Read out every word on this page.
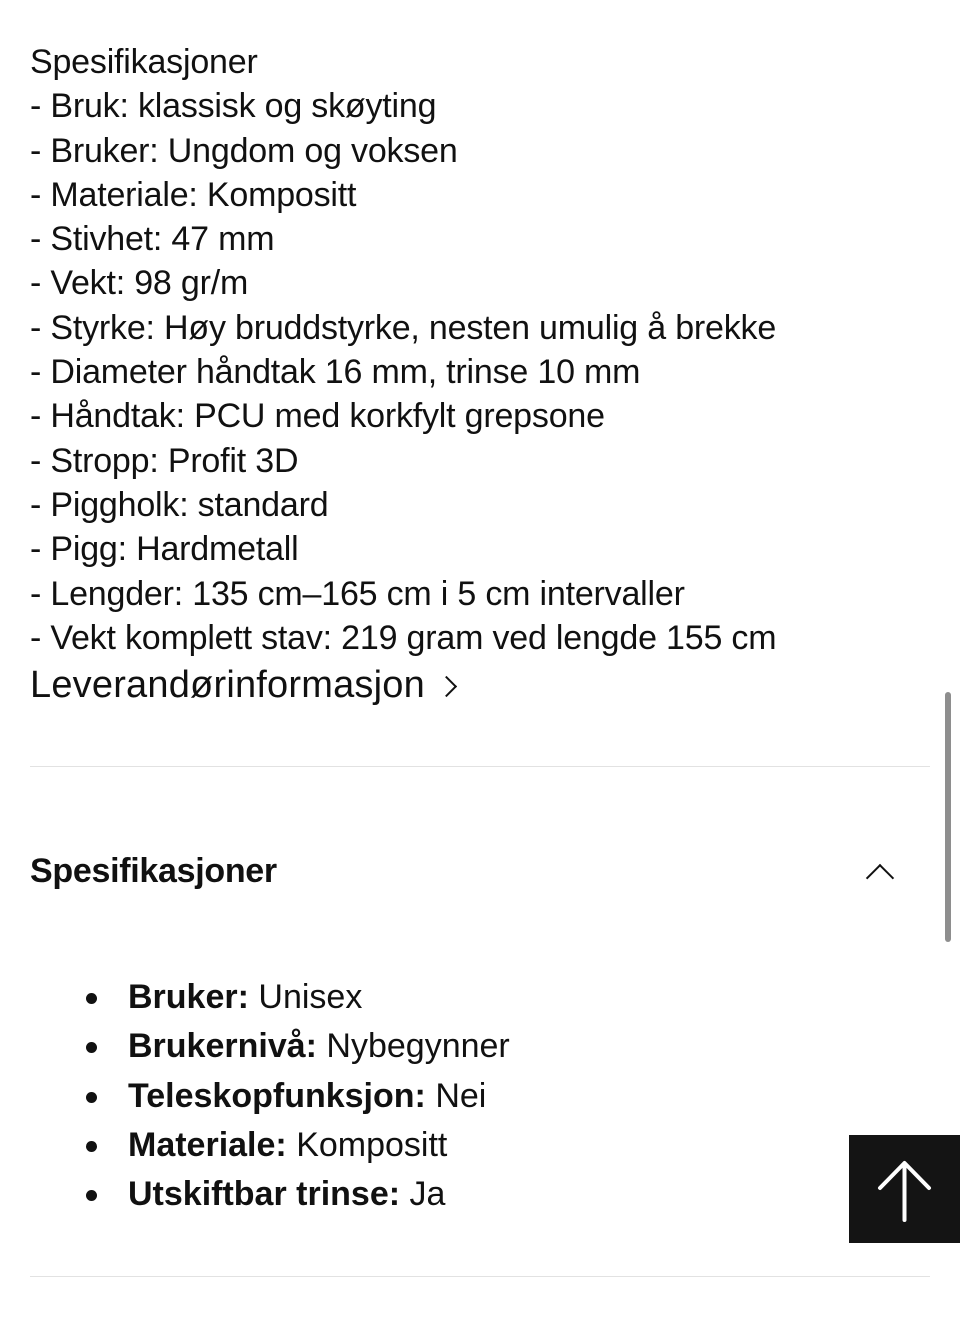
Spesifikasjoner
- Bruk: klassisk og skøyting
- Bruker: Ungdom og voksen
- Materiale: Kompositt
- Stivhet: 47 mm
- Vekt: 98 gr/m
- Styrke: Høy bruddstyrke, nesten umulig å brekke
- Diameter håndtak 16 mm, trinse 10 mm
- Håndtak: PCU med korkfylt grepsone
- Stropp: Profit 3D
- Piggholk: standard
- Pigg: Hardmetall
- Lengder: 135 cm–165 cm i 5 cm intervaller
- Vekt komplett stav: 219 gram ved lengde 155 cm
Leverandørinformasjon
Spesifikasjoner
Bruker: Unisex
Brukernivå: Nybegynner
Teleskopfunksjon: Nei
Materiale: Kompositt
Utskiftbar trinse: Ja
